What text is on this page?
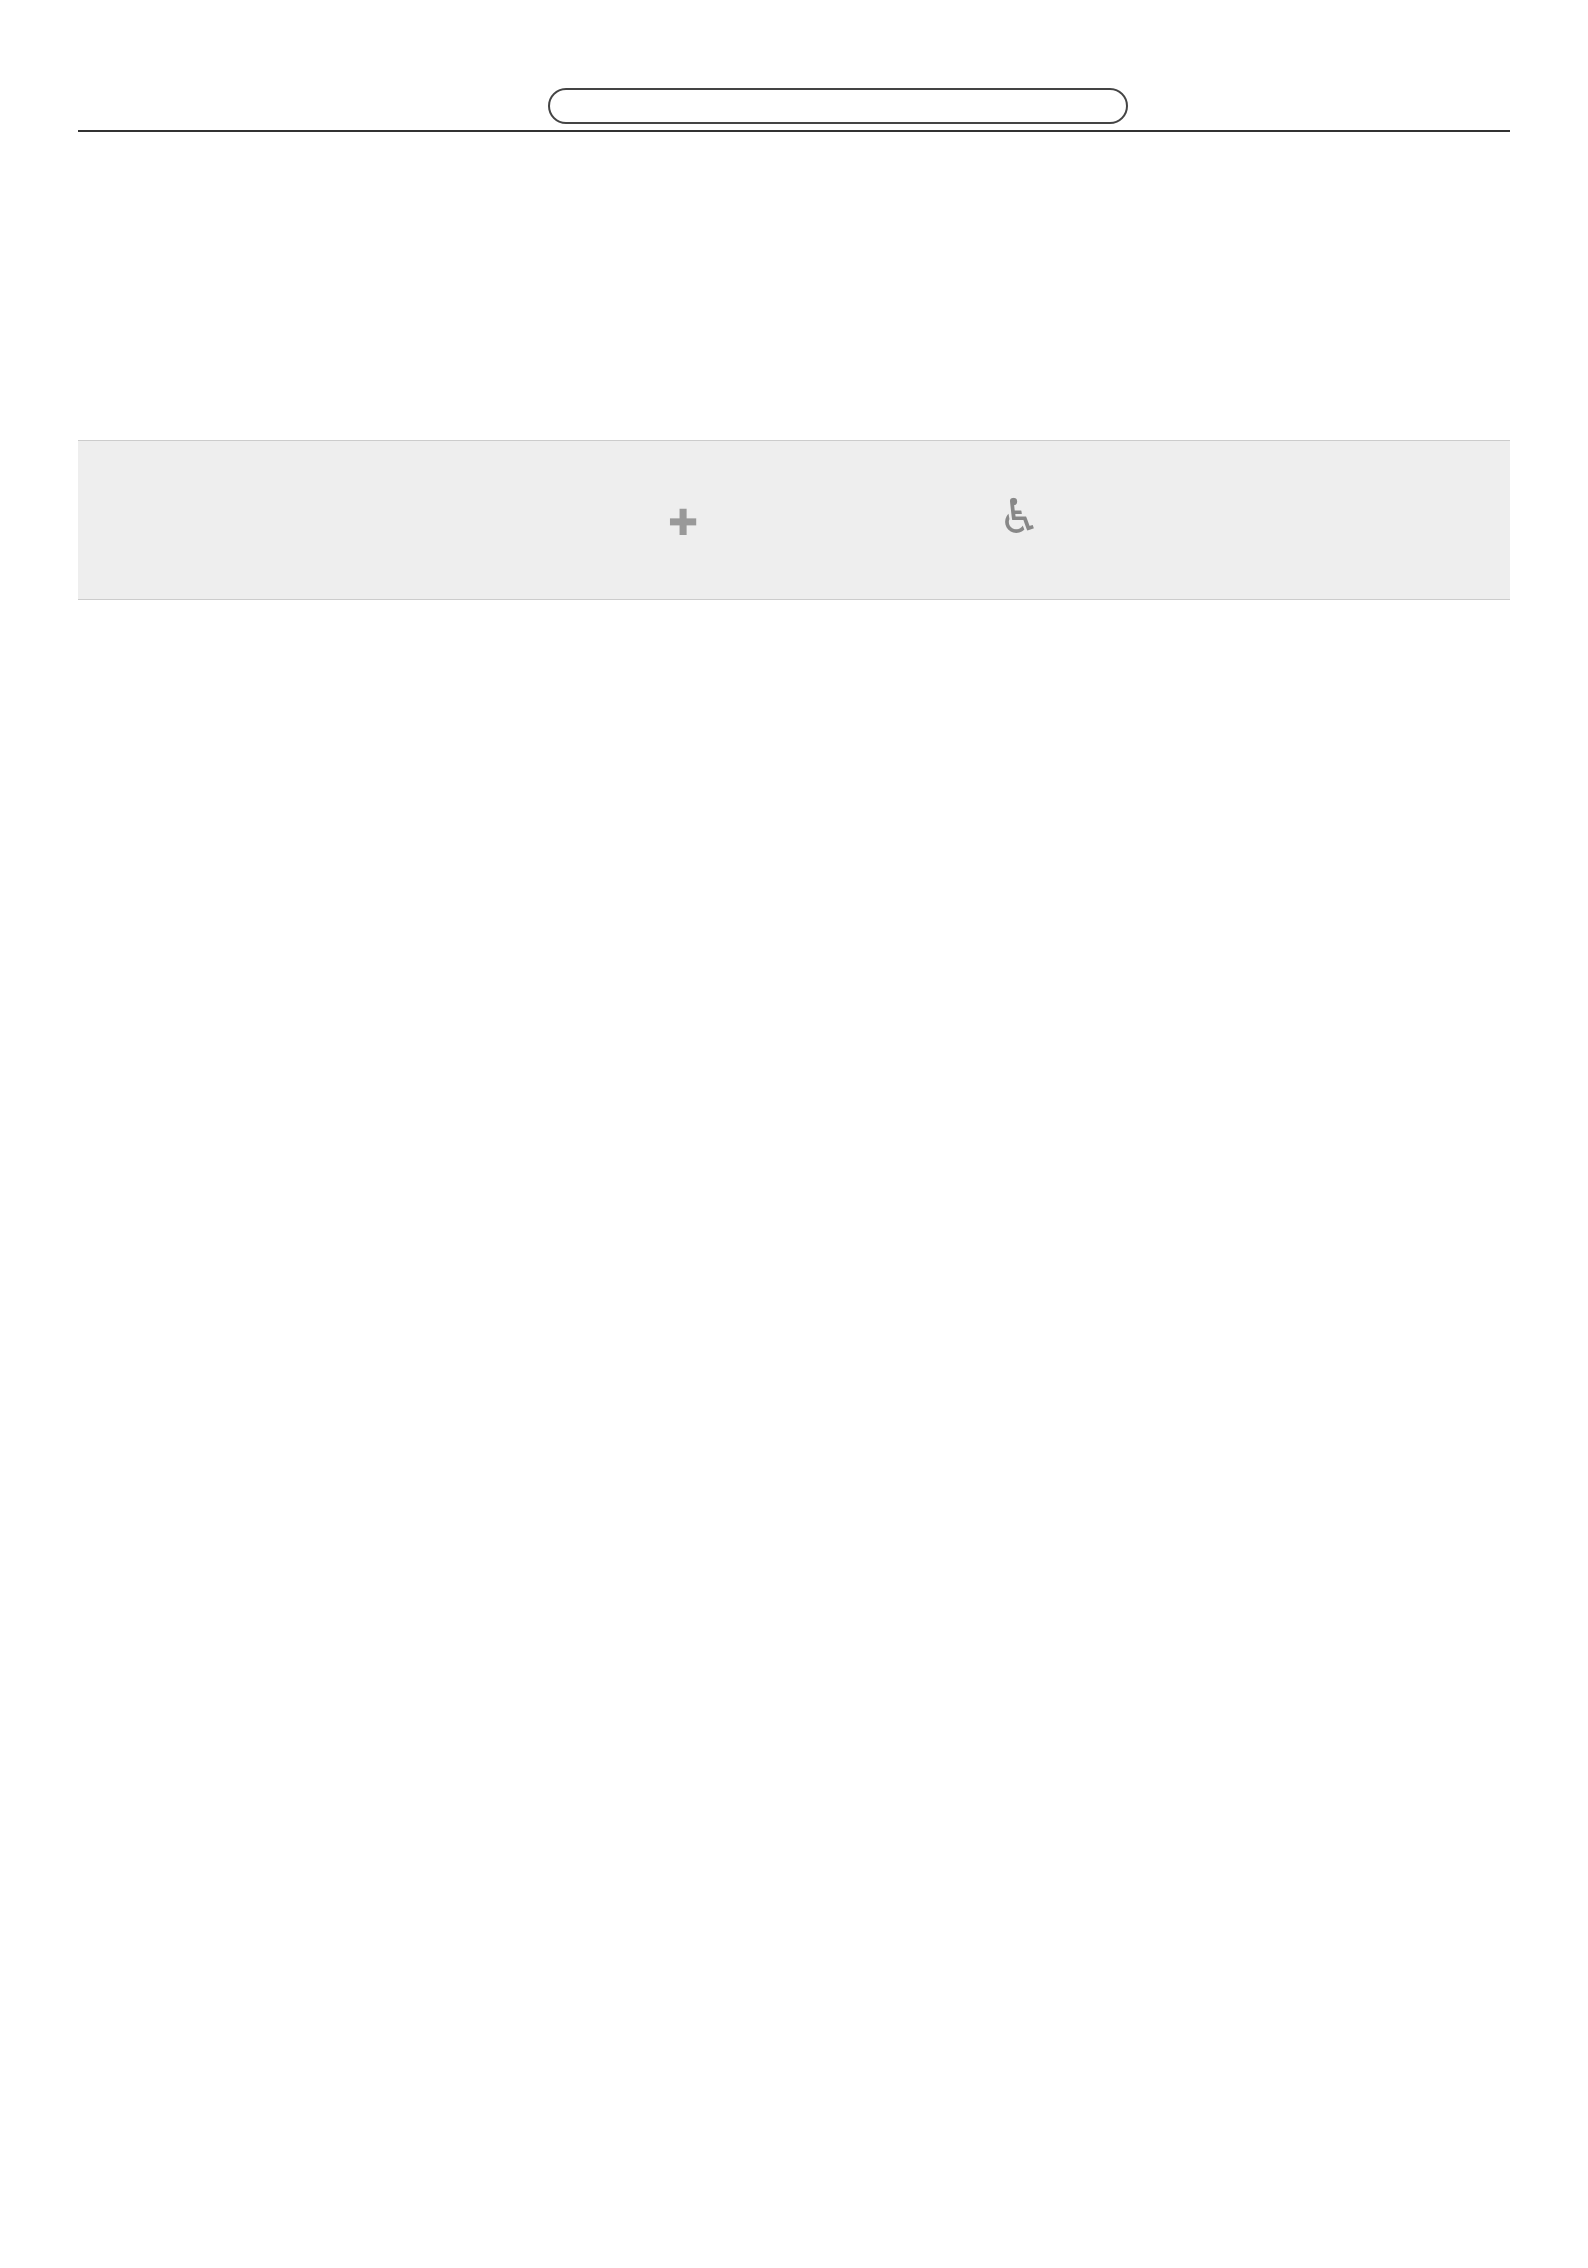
✚	♿
